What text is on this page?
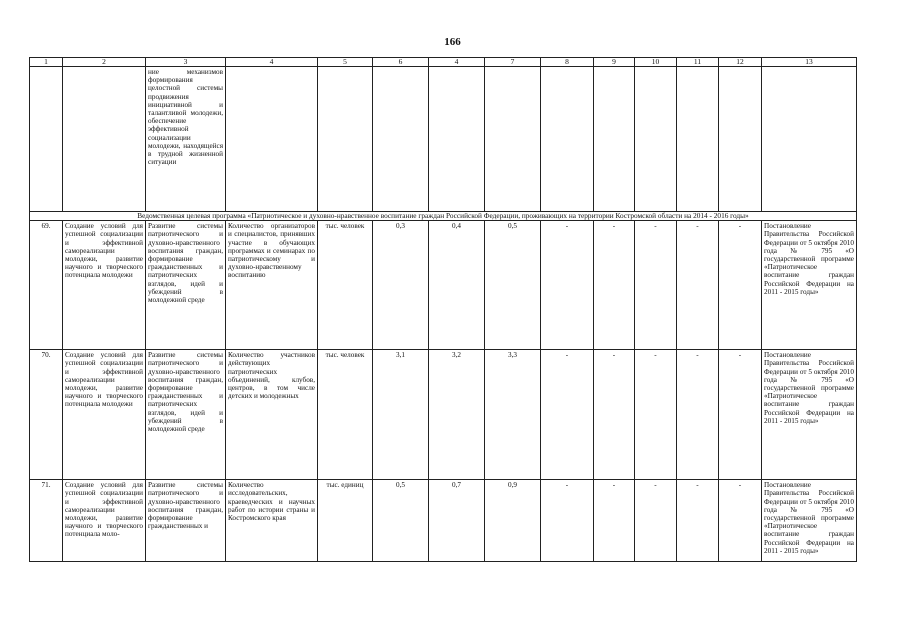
166
1	2	3	4	5	6	4	7	8	9	10	11	12	13
		ние механизмов формирования целостной системы продвижения инициативной и талантливой молодежи, обеспечение эффективной социализации молодежи, находящейся в трудной жизненной ситуации											
Ведомственная целевая программа «Патриотическое и духовно-нравственное воспитание граждан Российской Федерации, проживающих на территории Костромской области на 2014 - 2016 годы»													
69.	Создание условий для успешной социализации и эффективной самореализации молодежи, развитие научного и творческого потенциала молодежи	Развитие системы патриотического и духовно-нравственного воспитания граждан, формирование гражданственных и патриотических взглядов, идей и убеждений в молодежной среде	Количество организаторов и специалистов, принявших участие в обучающих программах и семинарах по патриотическому и духовно-нравственному воспитанию	тыс. человек	0,3	0,4	0,5	-	-	-	-	-	Постановление Правительства Российской Федерации от 5 октября 2010 года № 795 «О государственной программе «Патриотическое воспитание граждан Российской Федерации на 2011 - 2015 годы»
70.	Создание условий для успешной социализации и эффективной самореализации молодежи, развитие научного и творческого потенциала молодежи	Развитие системы патриотического и духовно-нравственного воспитания граждан, формирование гражданственных и патриотических взглядов, идей и убеждений в молодежной среде	Количество участников действующих патриотических объединений, клубов, центров, в том числе детских и молодежных	тыс. человек	3,1	3,2	3,3	-	-	-	-	-	Постановление Правительства Российской Федерации от 5 октября 2010 года № 795 «О государственной программе «Патриотическое воспитание граждан Российской Федерации на 2011 - 2015 годы»
71.	Создание условий для успешной социализации и эффективной самореализации молодежи, развитие научного и творческого потенциала моло-	Развитие системы патриотического и духовно-нравственного воспитания граждан, формирование гражданственных и	Количество исследовательских, краеведческих и научных работ по истории страны и Костромского края	тыс. единиц	0,5	0,7	0,9	-	-	-	-	-	Постановление Правительства Российской Федерации от 5 октября 2010 года № 795 «О государственной программе «Патриотическое воспитание граждан Российской Федерации на 2011 - 2015 годы»
